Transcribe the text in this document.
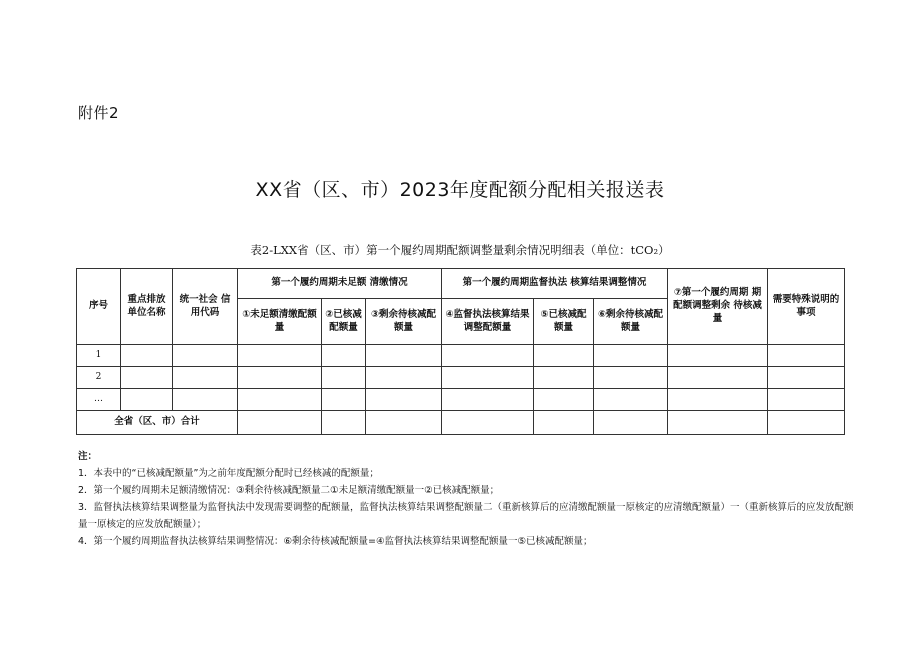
附件2
XX省（区、市）2023年度配额分配相关报送表
表2-LXX省（区、市）第一个履约周期配额调整量剩余情况明细表（单位：tCO₂）
序号	重点排放单位名称	统一社会 信用代码	第一个履约周期未足额 清缴情况			第一个履约周期监督执法 核算结果调整情况			⑦第一个履约周期 期配额调整剩余 待核减量	需要特殊说明的事项
			①未足额清缴配额量	②已核减配额量	③剩余待核减配额量	④监督执法核算结果调整配额量	⑤已核减配额量	⑥剩余待核减配额量		
1										
2										
…										
全省（区、市）合计										

注：

1．本表中的“已核减配额量”为之前年度配额分配时已经核减的配额量；

2．第一个履约周期未足额清缴情况：③剩余待核减配额量二①未足额清缴配额量一②已核减配额量；

3．监督执法核算结果调整量为监督执法中发现需要调整的配额量，监督执法核算结果调整配额量二（重新核算后的应清缴配额量一原核定的应清缴配额量）一（重新核算后的应发放配额量一原核定的应发放配额量）；

4．第一个履约周期监督执法核算结果调整情况：⑥剩余待核减配额量=④监督执法核算结果调整配额量一⑤已核减配额量；
